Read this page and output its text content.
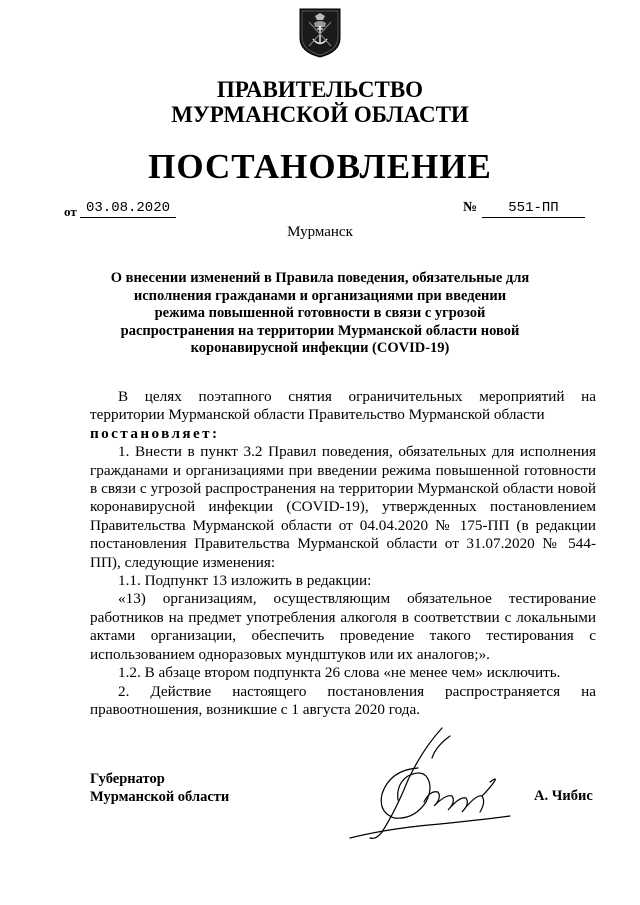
ПРАВИТЕЛЬСТВО
МУРМАНСКОЙ ОБЛАСТИ
ПОСТАНОВЛЕНИЕ
от 03.08.2020	№	551-ПП
Мурманск
О внесении изменений в Правила поведения, обязательные для исполнения гражданами и организациями при введении режима повышенной готовности в связи с угрозой распространения на территории Мурманской области новой коронавирусной инфекции (COVID-19)

В целях поэтапного снятия ограничительных мероприятий на территории Мурманской области Правительство Мурманской области

постановляет:

1. Внести в пункт 3.2 Правил поведения, обязательных для исполнения гражданами и организациями при введении режима повышенной готовности в связи с угрозой распространения на территории Мурманской области новой коронавирусной инфекции (COVID-19), утвержденных постановлением Правительства Мурманской области от 04.04.2020 № 175-ПП (в редакции постановления Правительства Мурманской области от 31.07.2020 № 544-ПП), следующие изменения:

1.1. Подпункт 13 изложить в редакции:

«13) организациям, осуществляющим обязательное тестирование работников на предмет употребления алкоголя в соответствии с локальными актами организации, обеспечить проведение такого тестирования с использованием одноразовых мундштуков или их аналогов;».

1.2. В абзаце втором подпункта 26 слова «не менее чем» исключить.

2. Действие настоящего постановления распространяется на правоотношения, возникшие с 1 августа 2020 года.

Губернатор
Мурманской области	А. Чибис
